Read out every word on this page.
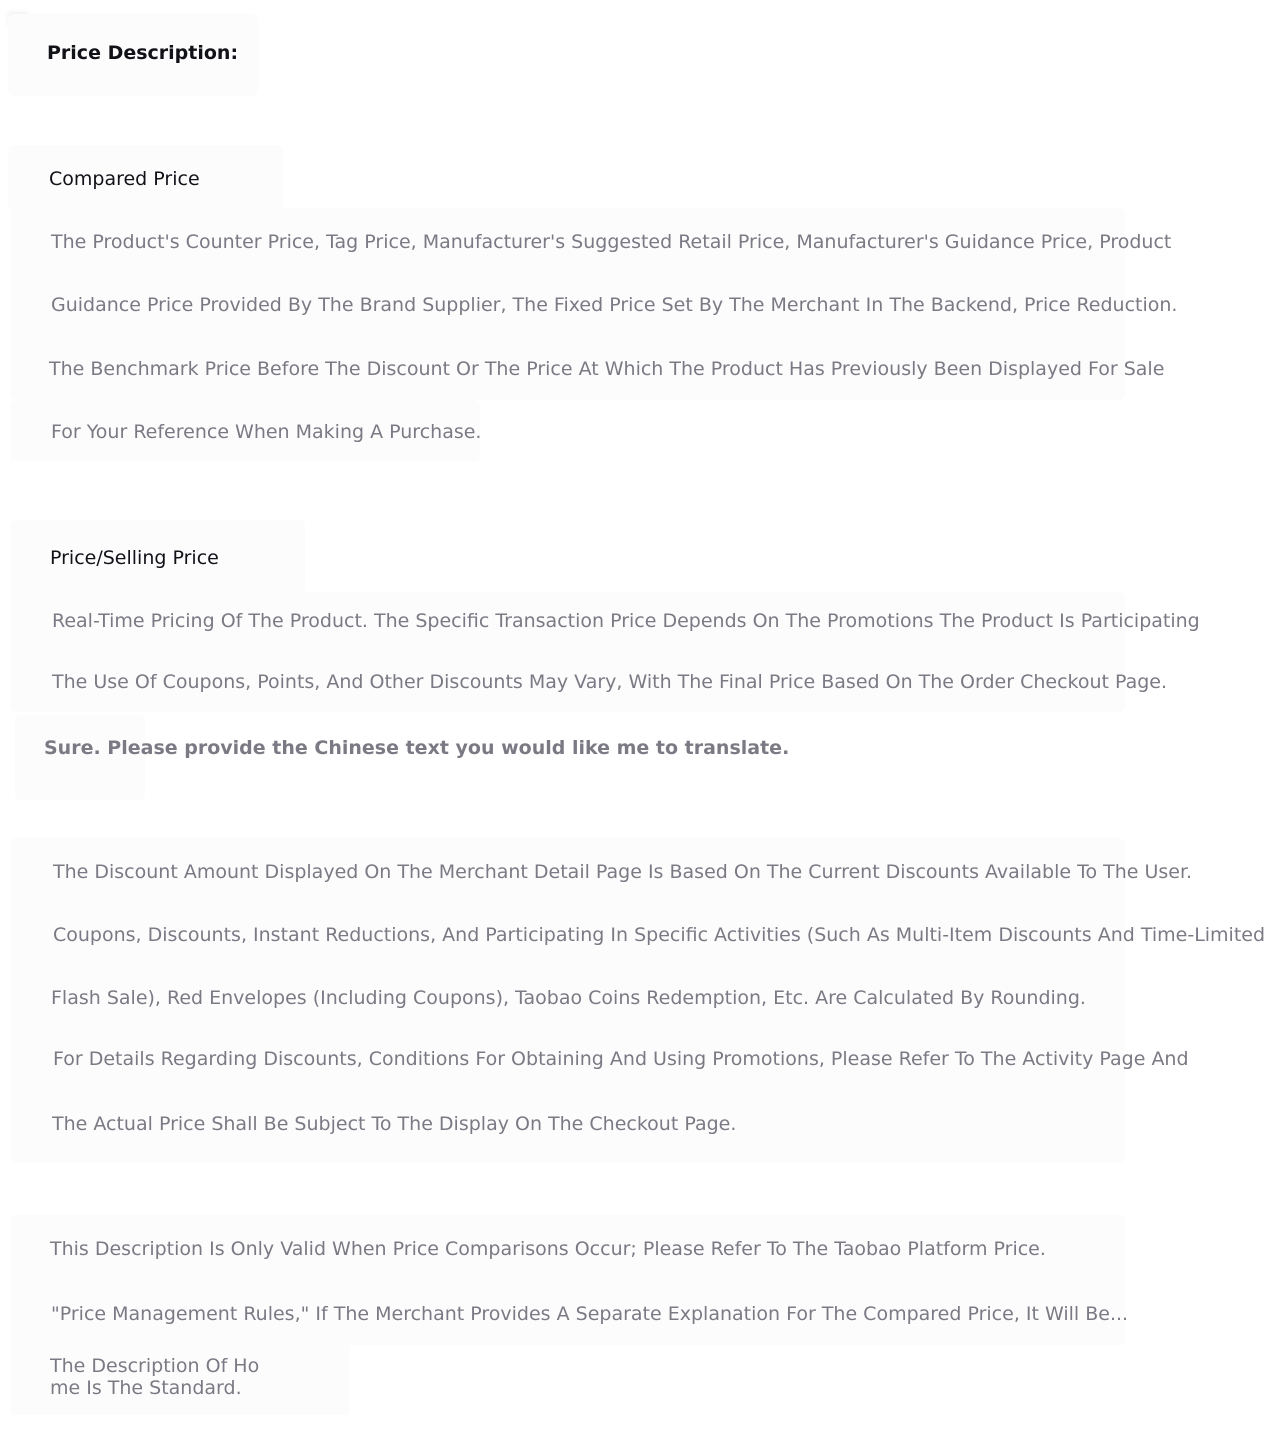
Price Description:
Compared Price
The Product's Counter Price, Tag Price, Manufacturer's Suggested Retail Price, Manufacturer's Guidance Price, Product
Guidance Price Provided By The Brand Supplier, The Fixed Price Set By The Merchant In The Backend, Price Reduction.
The Benchmark Price Before The Discount Or The Price At Which The Product Has Previously Been Displayed For Sale
For Your Reference When Making A Purchase.
Price/Selling Price
Real-Time Pricing Of The Product. The Specific Transaction Price Depends On The Promotions The Product Is Participating
The Use Of Coupons, Points, And Other Discounts May Vary, With The Final Price Based On The Order Checkout Page.
Sure. Please provide the Chinese text you would like me to translate.
The Discount Amount Displayed On The Merchant Detail Page Is Based On The Current Discounts Available To The User.
Coupons, Discounts, Instant Reductions, And Participating In Specific Activities (Such As Multi-Item Discounts And Time-Limited
Flash Sale), Red Envelopes (Including Coupons), Taobao Coins Redemption, Etc. Are Calculated By Rounding.
For Details Regarding Discounts, Conditions For Obtaining And Using Promotions, Please Refer To The Activity Page And
The Actual Price Shall Be Subject To The Display On The Checkout Page.
This Description Is Only Valid When Price Comparisons Occur; Please Refer To The Taobao Platform Price.
"Price Management Rules," If The Merchant Provides A Separate Explanation For The Compared Price, It Will Be...
The Description Of Ho
me Is The Standard.
